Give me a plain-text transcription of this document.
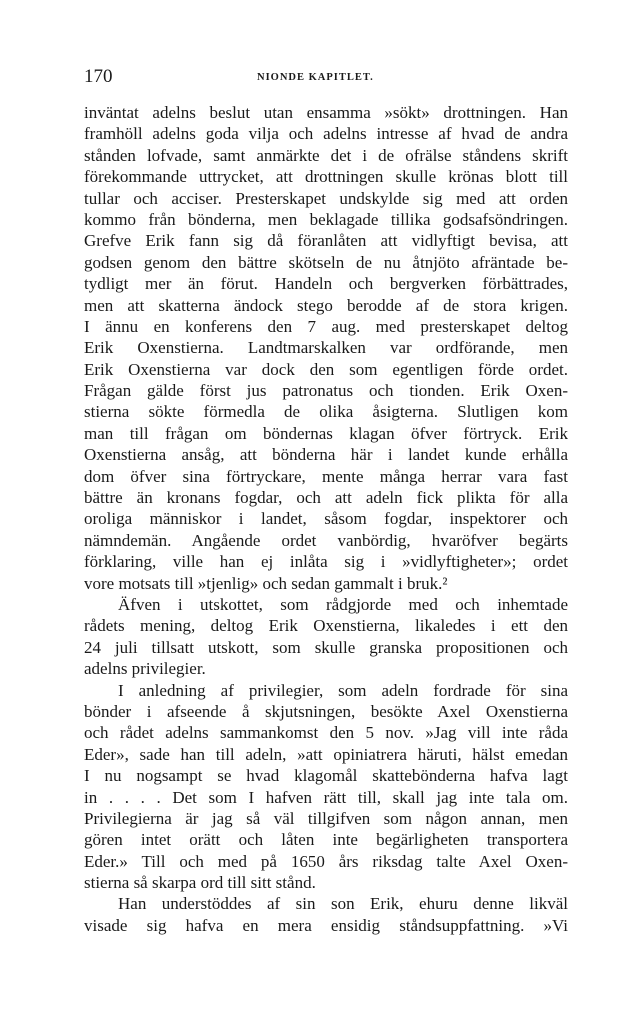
170	NIONDE KAPITLET.
inväntat adelns beslut utan ensamma »sökt» drottningen. Han
framhöll adelns goda vilja och adelns intresse af hvad de andra
stånden lofvade, samt anmärkte det i de ofrälse ståndens skrift
förekommande uttrycket, att drottningen skulle krönas blott till
tullar och acciser. Presterskapet undskylde sig med att orden
kommo från bönderna, men beklagade tillika godsafsöndringen.
Grefve Erik fann sig då föranlåten att vidlyftigt bevisa, att
godsen genom den bättre skötseln de nu åtnjöto afräntade be-
tydligt mer än förut. Handeln och bergverken förbättrades,
men att skatterna ändock stego berodde af de stora krigen.
I ännu en konferens den 7 aug. med presterskapet deltog
Erik Oxenstierna. Landtmarskalken var ordförande, men
Erik Oxenstierna var dock den som egentligen förde ordet.
Frågan gälde först jus patronatus och tionden. Erik Oxen-
stierna sökte förmedla de olika åsigterna. Slutligen kom
man till frågan om böndernas klagan öfver förtryck. Erik
Oxenstierna ansåg, att bönderna här i landet kunde erhålla
dom öfver sina förtryckare, mente många herrar vara fast
bättre än kronans fogdar, och att adeln fick plikta för alla
oroliga människor i landet, såsom fogdar, inspektorer och
nämndemän. Angående ordet vanbördig, hvaröfver begärts
förklaring, ville han ej inlåta sig i »vidlyftigheter»; ordet
vore motsats till »tjenlig» och sedan gammalt i bruk.²
Äfven i utskottet, som rådgjorde med och inhemtade
rådets mening, deltog Erik Oxenstierna, likaledes i ett den
24 juli tillsatt utskott, som skulle granska propositionen och
adelns privilegier.
I anledning af privilegier, som adeln fordrade för sina
bönder i afseende å skjutsningen, besökte Axel Oxenstierna
och rådet adelns sammankomst den 5 nov. »Jag vill inte råda
Eder», sade han till adeln, »att opiniatrera häruti, hälst emedan
I nu nogsampt se hvad klagomål skattebönderna hafva lagt
in . . . . Det som I hafven rätt till, skall jag inte tala om.
Privilegierna är jag så väl tillgifven som någon annan, men
gören intet orätt och låten inte begärligheten transportera
Eder.» Till och med på 1650 års riksdag talte Axel Oxen-
stierna så skarpa ord till sitt stånd.
Han understöddes af sin son Erik, ehuru denne likväl
visade sig hafva en mera ensidig ståndsuppfattning. »Vi
